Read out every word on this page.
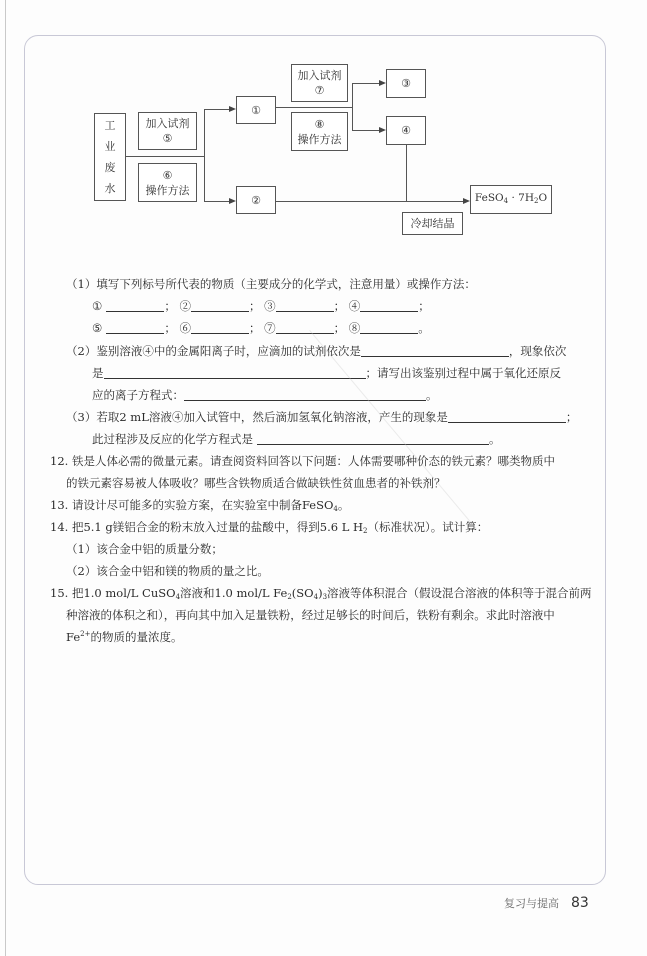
工
业
废
水
加入试剂
⑤
⑥
操作方法
①
②
加入试剂
⑦
⑧
操作方法
③
④
FeSO$_4$ · $7H_2O$
冷却结晶
（1）填写下列标号所代表的物质（主要成分的化学式，注意用量）或操作方法：
①	； ②	； ③	； ④	；
⑤	； ⑥	； ⑦	； ⑧	。
（2）鉴别溶液④中的金属阳离子时，应滴加的试剂依次是	，现象依次
是	；请写出该鉴别过程中属于氧化还原反
应的离子方程式：	。
（3）若取2 mL溶液④加入试管中，然后滴加氢氧化钠溶液，产生的现象是	；
此过程涉及反应的化学方程式是	。
12. 铁是人体必需的微量元素。请查阅资料回答以下问题：人体需要哪种价态的铁元素？哪类物质中
的铁元素容易被人体吸收？哪些含铁物质适合做缺铁性贫血患者的补铁剂？
13. 请设计尽可能多的实验方案，在实验室中制备FeSO$_4$。
14. 把5.1 g镁铝合金的粉末放入过量的盐酸中，得到5.6 L $H_2$（标准状况）。试计算：
（1）该合金中铝的质量分数；
（2）该合金中铝和镁的物质的量之比。
15. 把1.0 mol/L CuSO$_4$溶液和1.0 mol/L $Fe_2(SO_4)_3$溶液等体积混合（假设混合溶液的体积等于混合前两
种溶液的体积之和），再向其中加入足量铁粉，经过足够长的时间后，铁粉有剩余。求此时溶液中
$Fe^{2+}$的物质的量浓度。
复习与提高 83
